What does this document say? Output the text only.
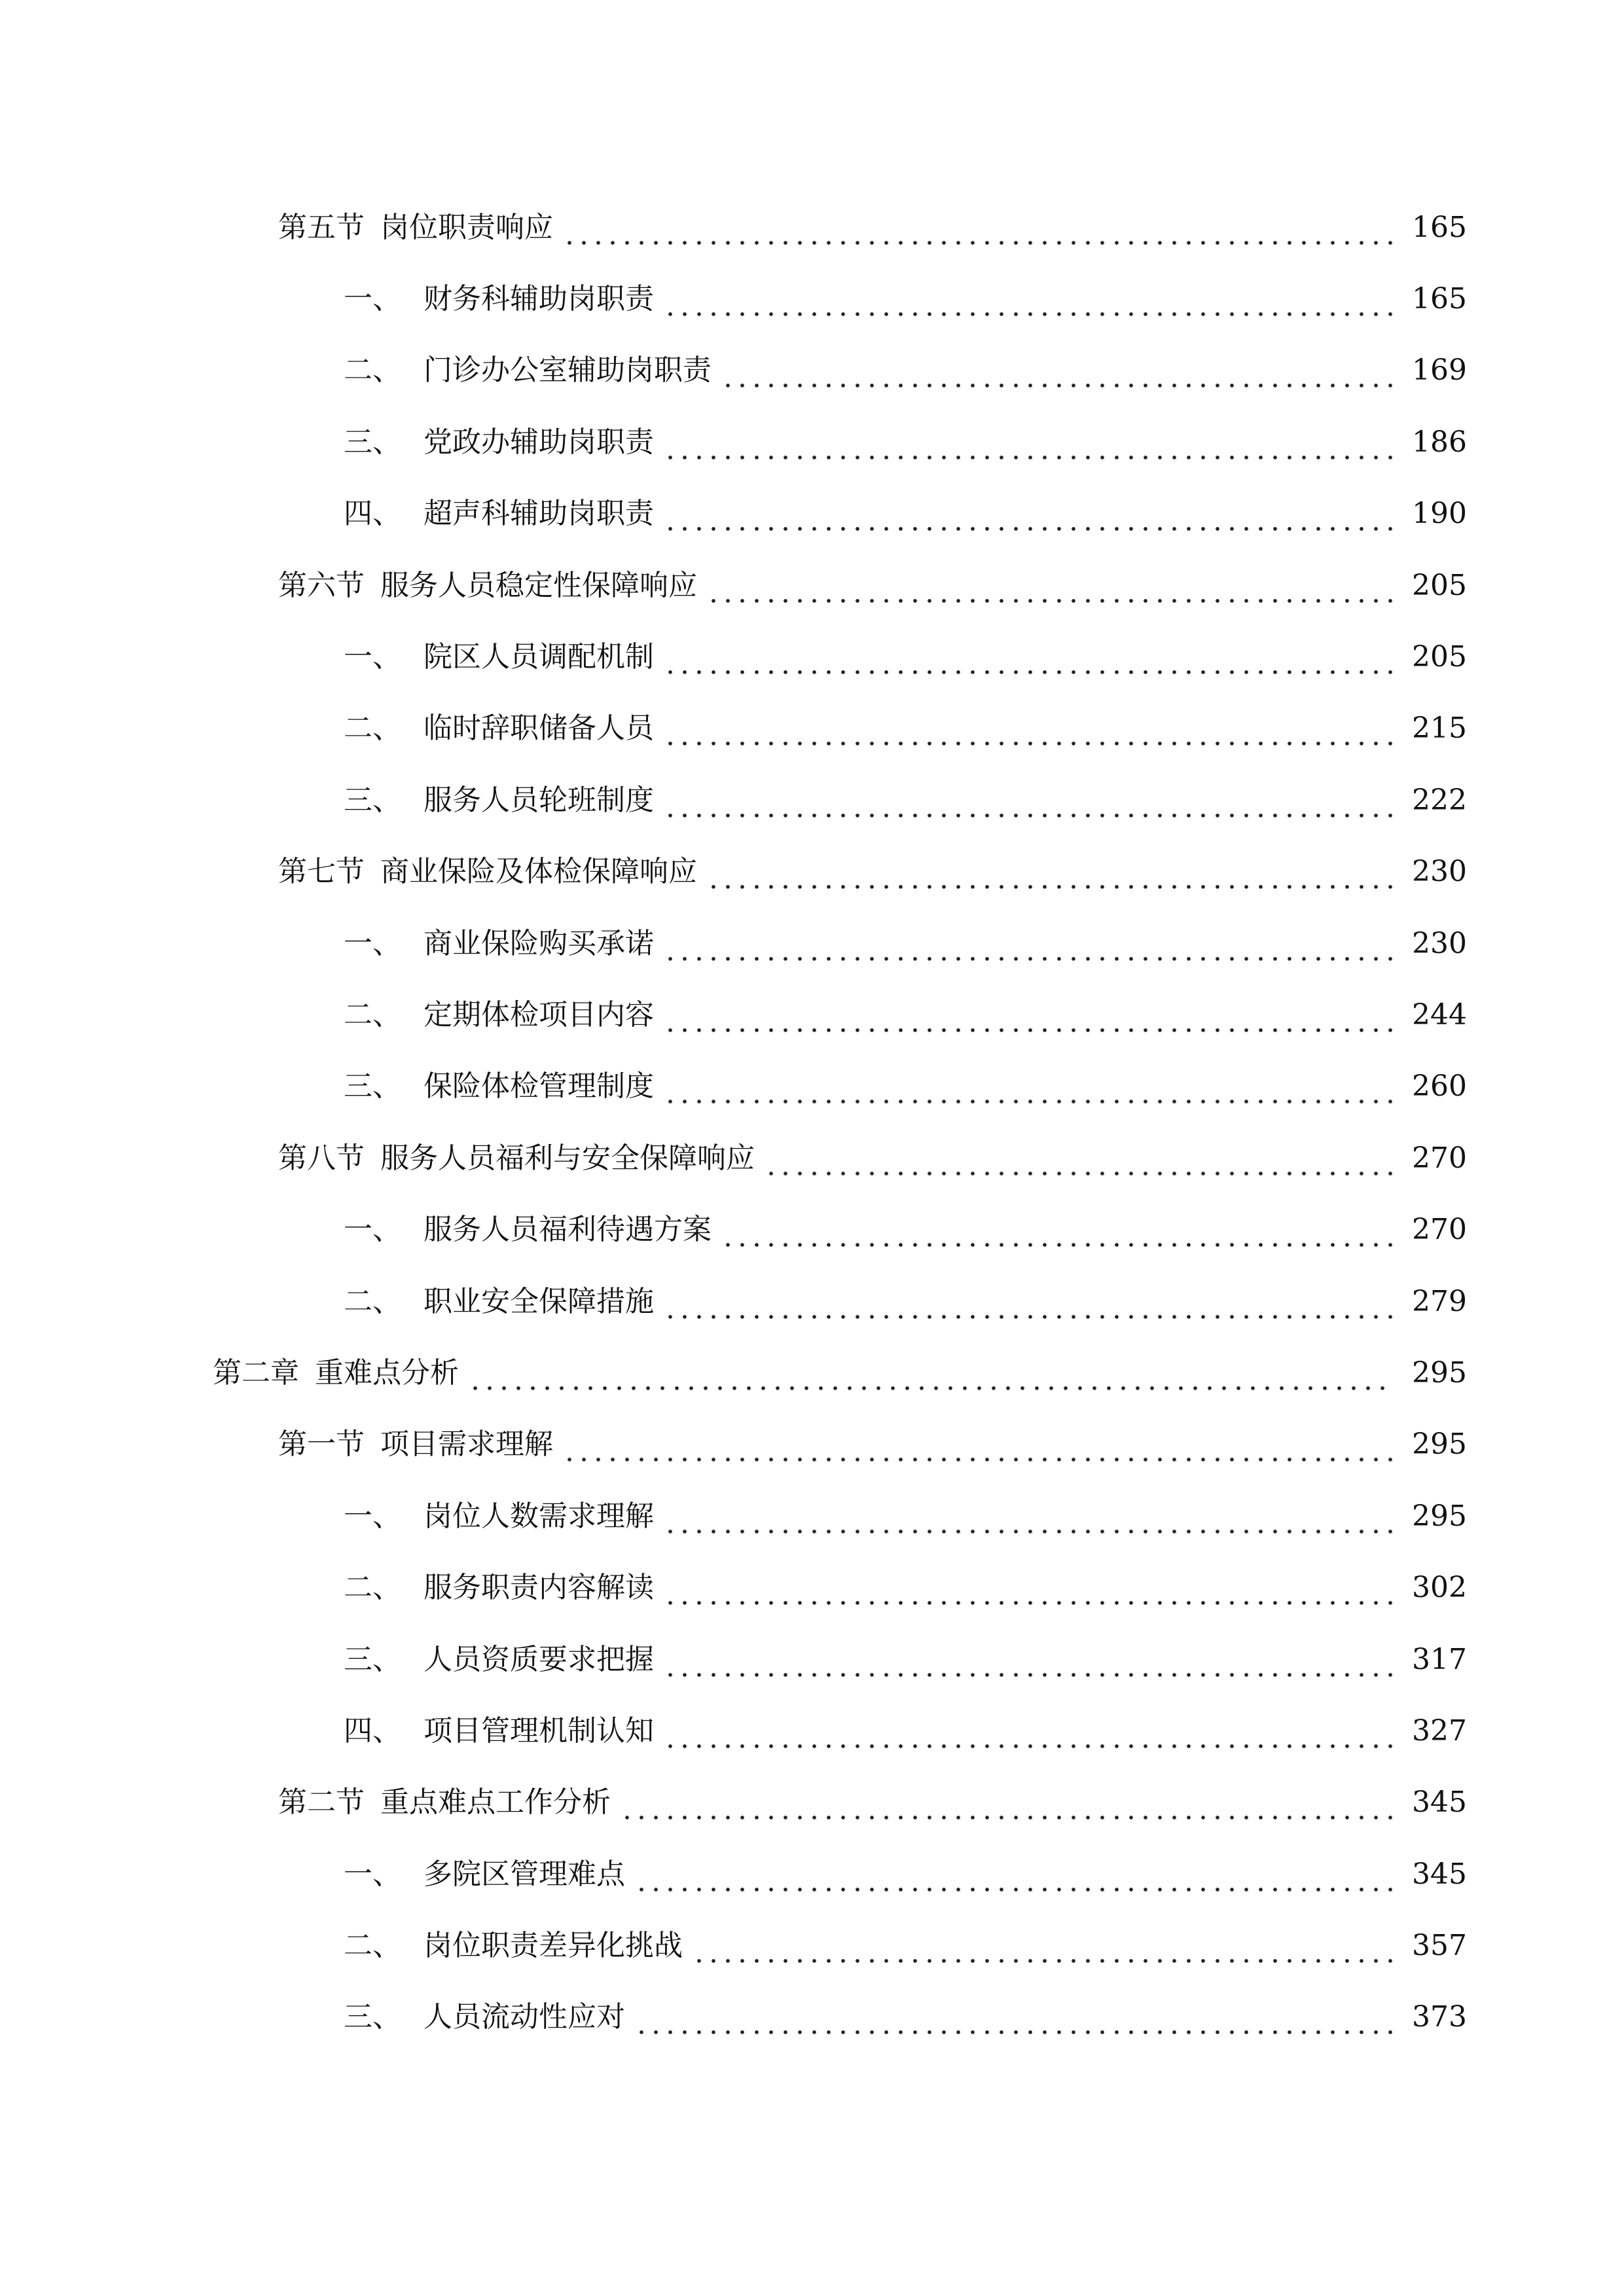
第五节 岗位职责响应	165
一、 财务科辅助岗职责	165
二、 门诊办公室辅助岗职责	169
三、 党政办辅助岗职责	186
四、 超声科辅助岗职责	190
第六节 服务人员稳定性保障响应	205
一、 院区人员调配机制	205
二、 临时辞职储备人员	215
三、 服务人员轮班制度	222
第七节 商业保险及体检保障响应	230
一、 商业保险购买承诺	230
二、 定期体检项目内容	244
三、 保险体检管理制度	260
第八节 服务人员福利与安全保障响应	270
一、 服务人员福利待遇方案	270
二、 职业安全保障措施	279
第二章 重难点分析	295
第一节 项目需求理解	295
一、 岗位人数需求理解	295
二、 服务职责内容解读	302
三、 人员资质要求把握	317
四、 项目管理机制认知	327
第二节 重点难点工作分析	345
一、 多院区管理难点	345
二、 岗位职责差异化挑战	357
三、 人员流动性应对	373
